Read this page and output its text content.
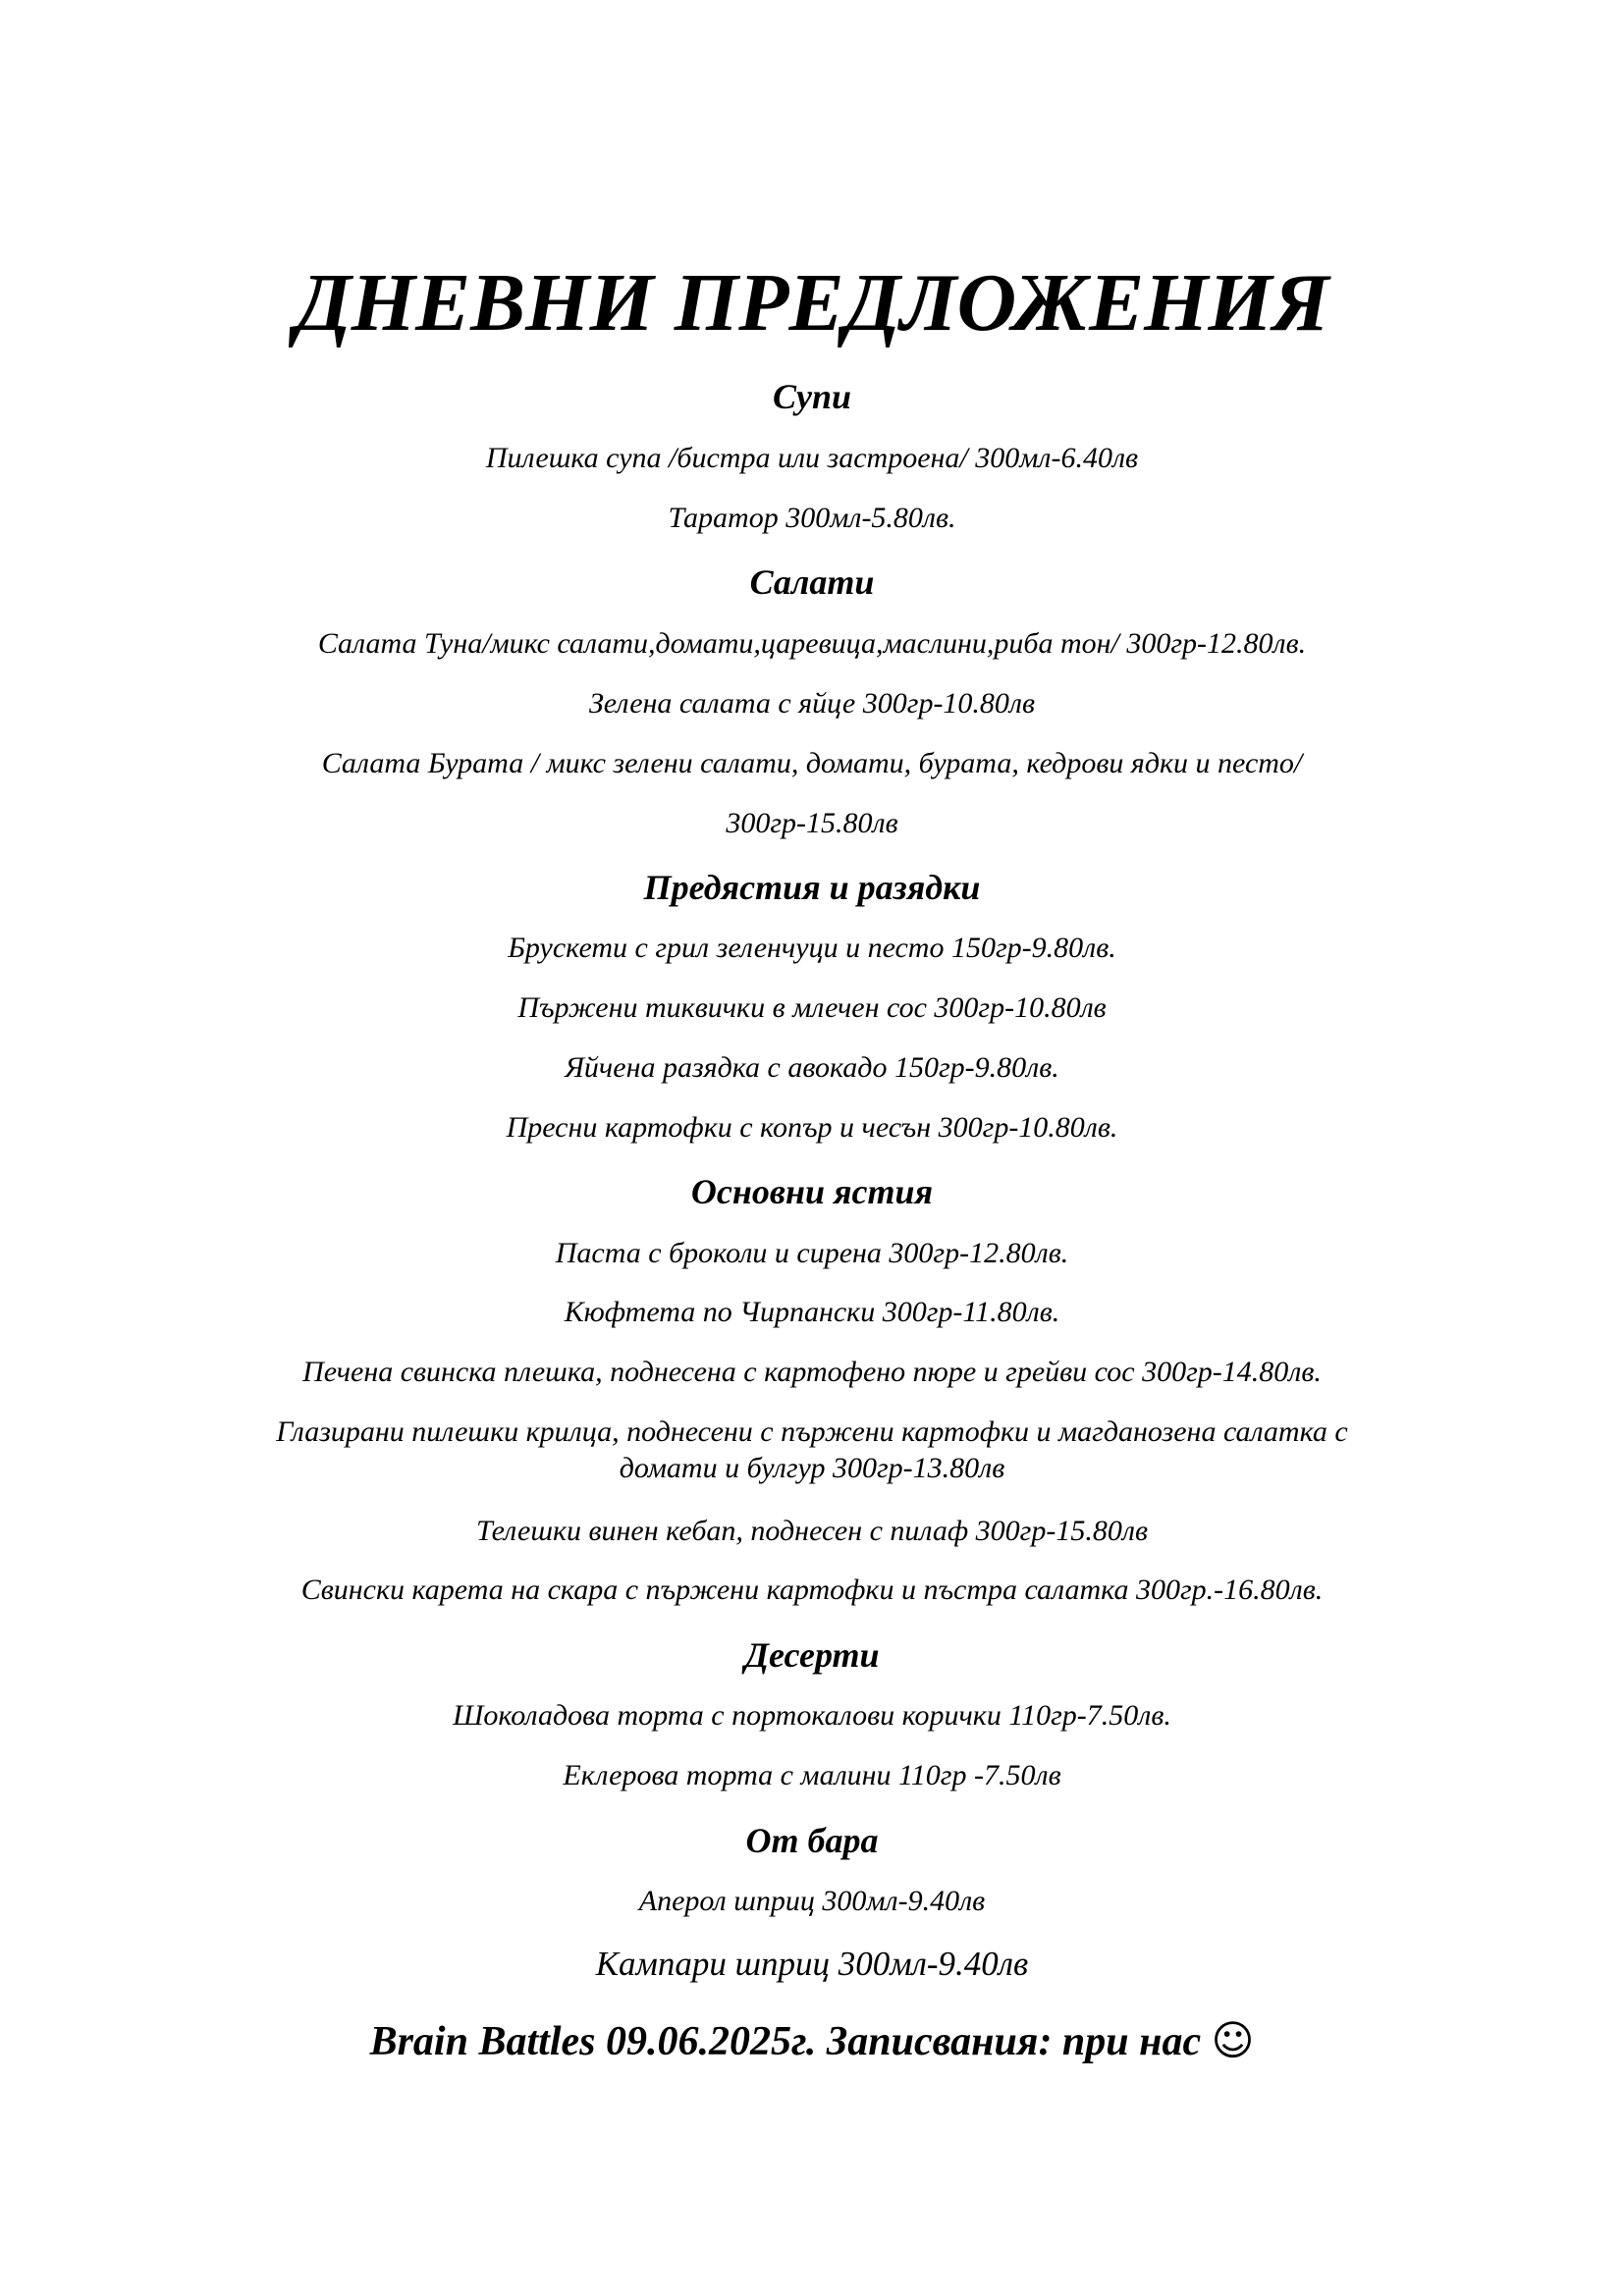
ДНЕВНИ ПРЕДЛОЖЕНИЯ
Супи
Пилешка супа /бистра или застроена/ 300мл-6.40лв
Таратор 300мл-5.80лв.
Салати
Салата Туна/микс салати,домати,царевица,маслини,риба тон/ 300гр-12.80лв.
Зелена салата с яйце 300гр-10.80лв
Салата Бурата / микс зелени салати, домати, бурата, кедрови ядки и песто/
300гр-15.80лв
Предястия и разядки
Брускети с грил зеленчуци и песто 150гр-9.80лв.
Пържени тиквички в млечен сос 300гр-10.80лв
Яйчена разядка с авокадо 150гр-9.80лв.
Пресни картофки с копър и чесън 300гр-10.80лв.
Основни ястия
Паста с броколи и сирена 300гр-12.80лв.
Кюфтета по Чирпански 300гр-11.80лв.
Печена свинска плешка, поднесена с картофено пюре и грейви сос 300гр-14.80лв.
Глазирани пилешки крилца, поднесени с пържени картофки и магданозена салатка с
домати и булгур 300гр-13.80лв
Телешки винен кебап, поднесен с пилаф 300гр-15.80лв
Свински карета на скара с пържени картофки и пъстра салатка 300гр.-16.80лв.
Десерти
Шоколадова торта с портокалови корички 110гр-7.50лв.
Еклерова торта с малини 110гр -7.50лв
От бара
Аперол шприц 300мл-9.40лв
Кампари шприц 300мл-9.40лв
Brain Battles 09.06.2025г. Записвания: при нас ☺
